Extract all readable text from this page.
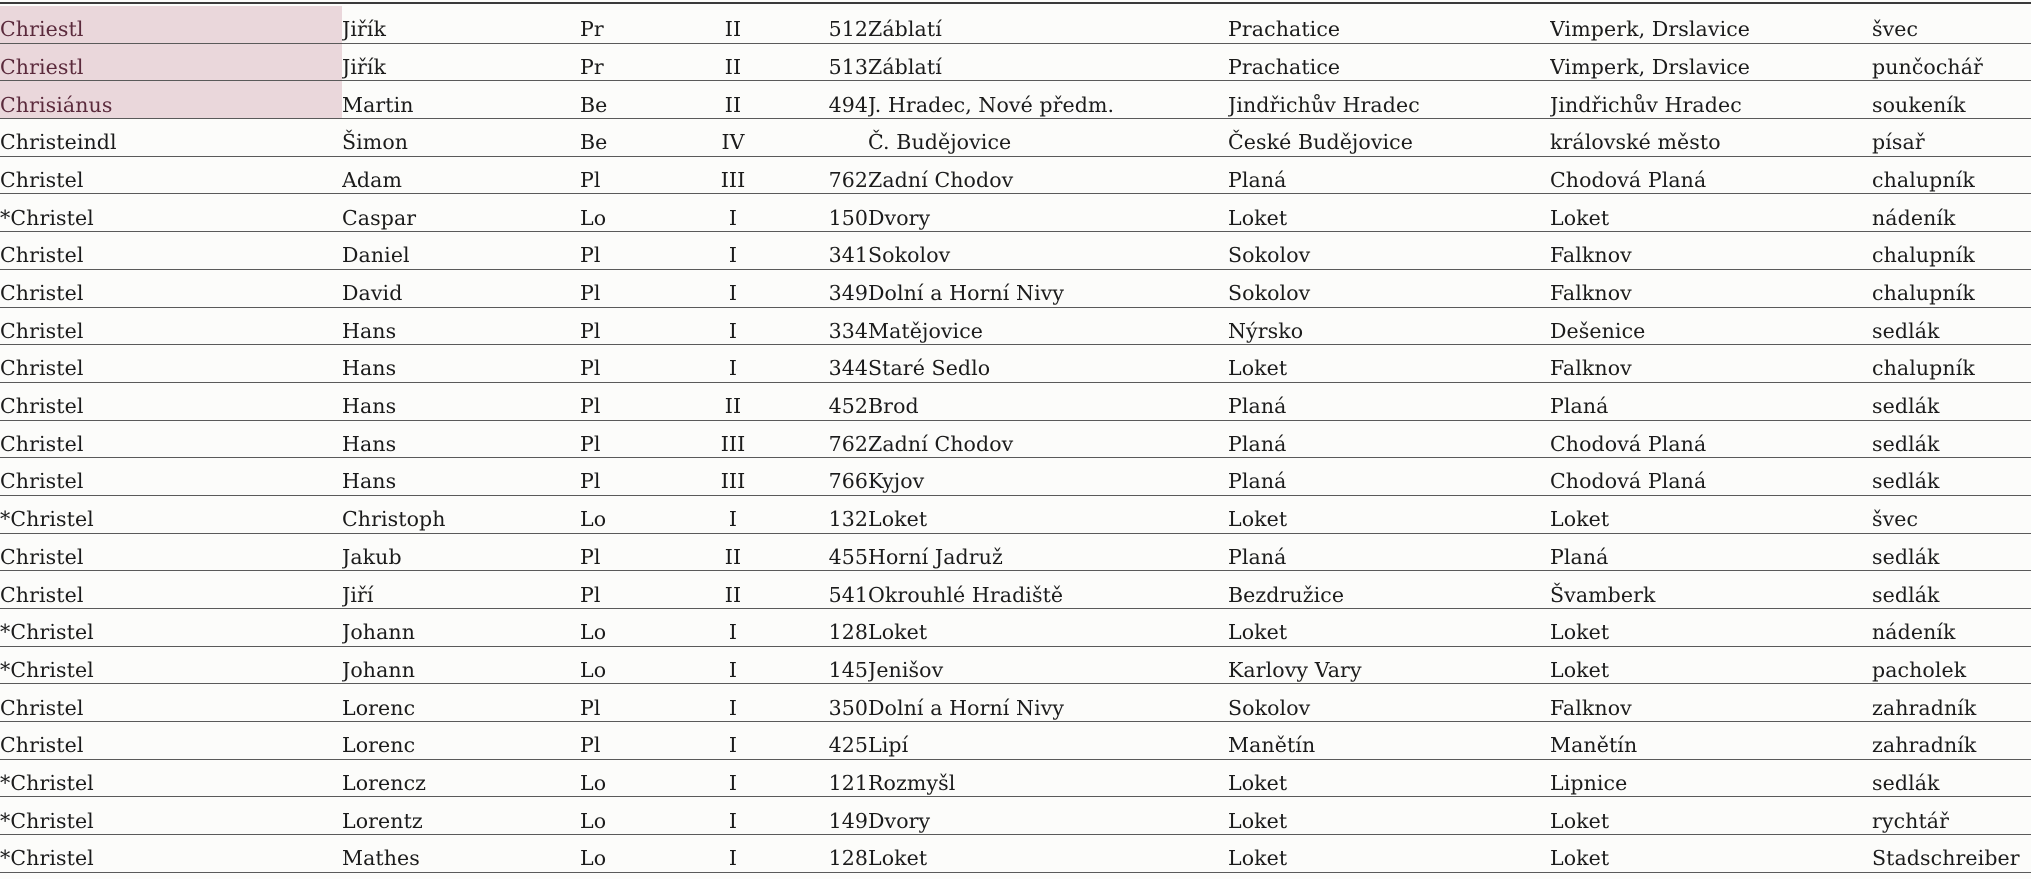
Chriestl	Jiřík	Pr	II	512	Záblatí	Prachatice	Vimperk, Drslavice	švec
Chriestl	Jiřík	Pr	II	513	Záblatí	Prachatice	Vimperk, Drslavice	punčochář
Chrisiánus	Martin	Be	II	494	J. Hradec, Nové předm.	Jindřichův Hradec	Jindřichův Hradec	soukeník
Christeindl	Šimon	Be	IV		Č. Budějovice	České Budějovice	královské město	písař
Christel	Adam	Pl	III	762	Zadní Chodov	Planá	Chodová Planá	chalupník
*Christel	Caspar	Lo	I	150	Dvory	Loket	Loket	nádeník
Christel	Daniel	Pl	I	341	Sokolov	Sokolov	Falknov	chalupník
Christel	David	Pl	I	349	Dolní a Horní Nivy	Sokolov	Falknov	chalupník
Christel	Hans	Pl	I	334	Matějovice	Nýrsko	Dešenice	sedlák
Christel	Hans	Pl	I	344	Staré Sedlo	Loket	Falknov	chalupník
Christel	Hans	Pl	II	452	Brod	Planá	Planá	sedlák
Christel	Hans	Pl	III	762	Zadní Chodov	Planá	Chodová Planá	sedlák
Christel	Hans	Pl	III	766	Kyjov	Planá	Chodová Planá	sedlák
*Christel	Christoph	Lo	I	132	Loket	Loket	Loket	švec
Christel	Jakub	Pl	II	455	Horní Jadruž	Planá	Planá	sedlák
Christel	Jiří	Pl	II	541	Okrouhlé Hradiště	Bezdružice	Švamberk	sedlák
*Christel	Johann	Lo	I	128	Loket	Loket	Loket	nádeník
*Christel	Johann	Lo	I	145	Jenišov	Karlovy Vary	Loket	pacholek
Christel	Lorenc	Pl	I	350	Dolní a Horní Nivy	Sokolov	Falknov	zahradník
Christel	Lorenc	Pl	I	425	Lipí	Manětín	Manětín	zahradník
*Christel	Lorencz	Lo	I	121	Rozmyšl	Loket	Lipnice	sedlák
*Christel	Lorentz	Lo	I	149	Dvory	Loket	Loket	rychtář
*Christel	Mathes	Lo	I	128	Loket	Loket	Loket	Stadschreiber
